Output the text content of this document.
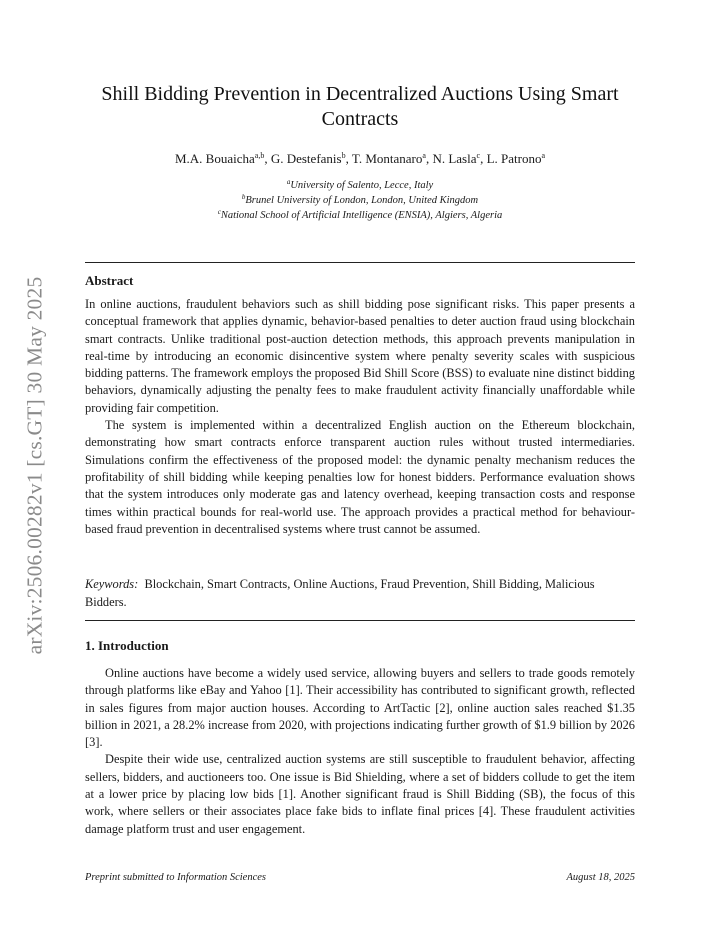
arXiv:2506.00282v1 [cs.GT] 30 May 2025
Shill Bidding Prevention in Decentralized Auctions Using Smart
Contracts
M.A. Bouaicha$^{a,b}$, G. Destefanis$^b$, T. Montanaro$^a$, N. Lasla$^c$, L. Patrono$^a$
$^a$University of Salento, Lecce, Italy
$^b$Brunel University of London, London, United Kingdom
$^c$National School of Artificial Intelligence (ENSIA), Algiers, Algeria
Abstract

In online auctions, fraudulent behaviors such as shill bidding pose significant risks. This paper presents a conceptual framework that applies dynamic, behavior-based penalties to deter auction fraud using blockchain smart contracts. Unlike traditional post-auction detection methods, this approach prevents manipulation in real-time by introducing an economic disincentive system where penalty severity scales with suspicious bidding patterns. The framework employs the proposed Bid Shill Score (BSS) to evaluate nine distinct bidding behaviors, dynamically adjusting the penalty fees to make fraudulent activity financially unaffordable while providing fair competition.

The system is implemented within a decentralized English auction on the Ethereum blockchain, demonstrating how smart contracts enforce transparent auction rules without trusted intermediaries. Simulations confirm the effectiveness of the proposed model: the dynamic penalty mechanism reduces the profitability of shill bidding while keeping penalties low for honest bidders. Performance evaluation shows that the system introduces only moderate gas and latency overhead, keeping transaction costs and response times within practical bounds for real-world use. The approach provides a practical method for behaviour-based fraud prevention in decentralised systems where trust cannot be assumed.

Keywords: Blockchain, Smart Contracts, Online Auctions, Fraud Prevention, Shill Bidding, Malicious Bidders.
1. Introduction

Online auctions have become a widely used service, allowing buyers and sellers to trade goods remotely through platforms like eBay and Yahoo [1]. Their accessibility has contributed to significant growth, reflected in sales figures from major auction houses. According to ArtTactic [2], online auction sales reached $1.35 billion in 2021, a 28.2% increase from 2020, with projections indicating further growth of $1.9 billion by 2026 [3].

Despite their wide use, centralized auction systems are still susceptible to fraudulent behavior, affecting sellers, bidders, and auctioneers too. One issue is Bid Shielding, where a set of bidders collude to get the item at a lower price by placing low bids [1]. Another significant fraud is Shill Bidding (SB), the focus of this work, where sellers or their associates place fake bids to inflate final prices [4]. These fraudulent activities damage platform trust and user engagement.

Preprint submitted to Information Sciences	August 18, 2025
